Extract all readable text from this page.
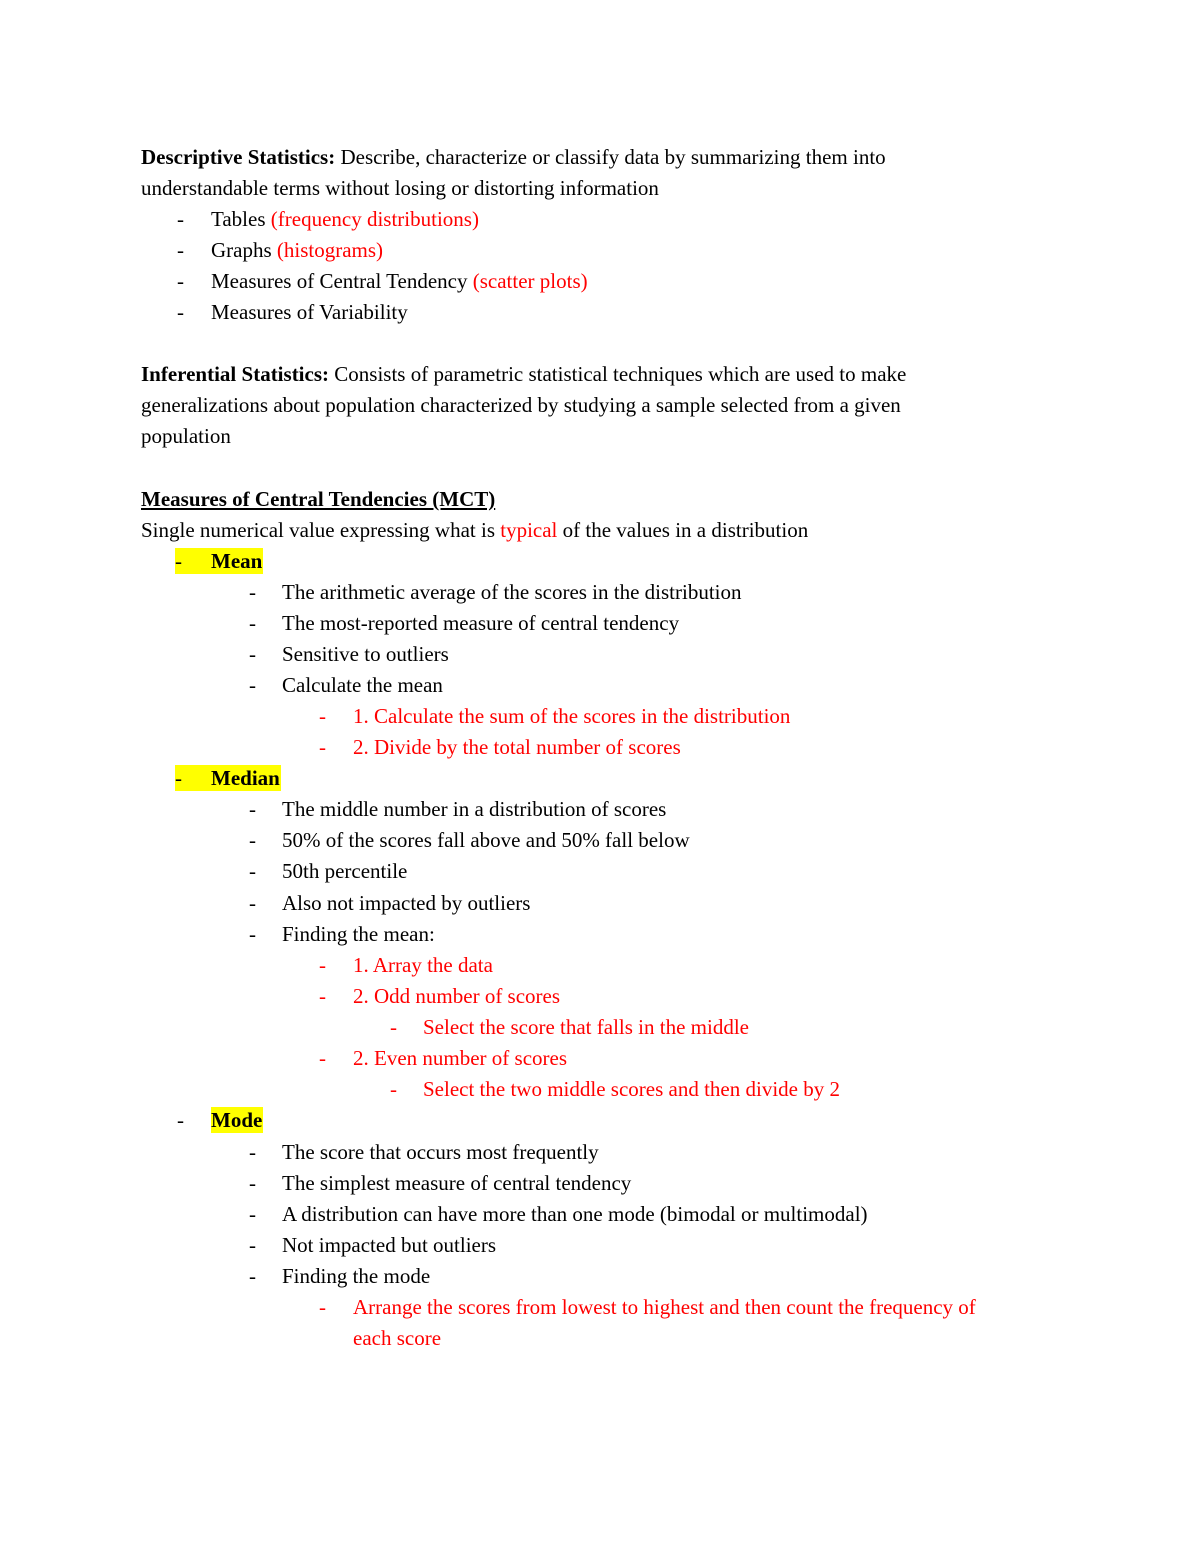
Descriptive Statistics: Describe, characterize or classify data by summarizing them into
understandable terms without losing or distorting information
- Tables (frequency distributions)
- Graphs (histograms)
- Measures of Central Tendency (scatter plots)
- Measures of Variability
Inferential Statistics: Consists of parametric statistical techniques which are used to make
generalizations about population characterized by studying a sample selected from a given
population
Measures of Central Tendencies (MCT)
Single numerical value expressing what is typical of the values in a distribution
- Mean
- The arithmetic average of the scores in the distribution
- The most-reported measure of central tendency
- Sensitive to outliers
- Calculate the mean
- 1. Calculate the sum of the scores in the distribution
- 2. Divide by the total number of scores
- Median
- The middle number in a distribution of scores
- 50% of the scores fall above and 50% fall below
- 50th percentile
- Also not impacted by outliers
- Finding the mean:
- 1. Array the data
- 2. Odd number of scores
- Select the score that falls in the middle
- 2. Even number of scores
- Select the two middle scores and then divide by 2
- Mode
- The score that occurs most frequently
- The simplest measure of central tendency
- A distribution can have more than one mode (bimodal or multimodal)
- Not impacted but outliers
- Finding the mode
- Arrange the scores from lowest to highest and then count the frequency of
each score
